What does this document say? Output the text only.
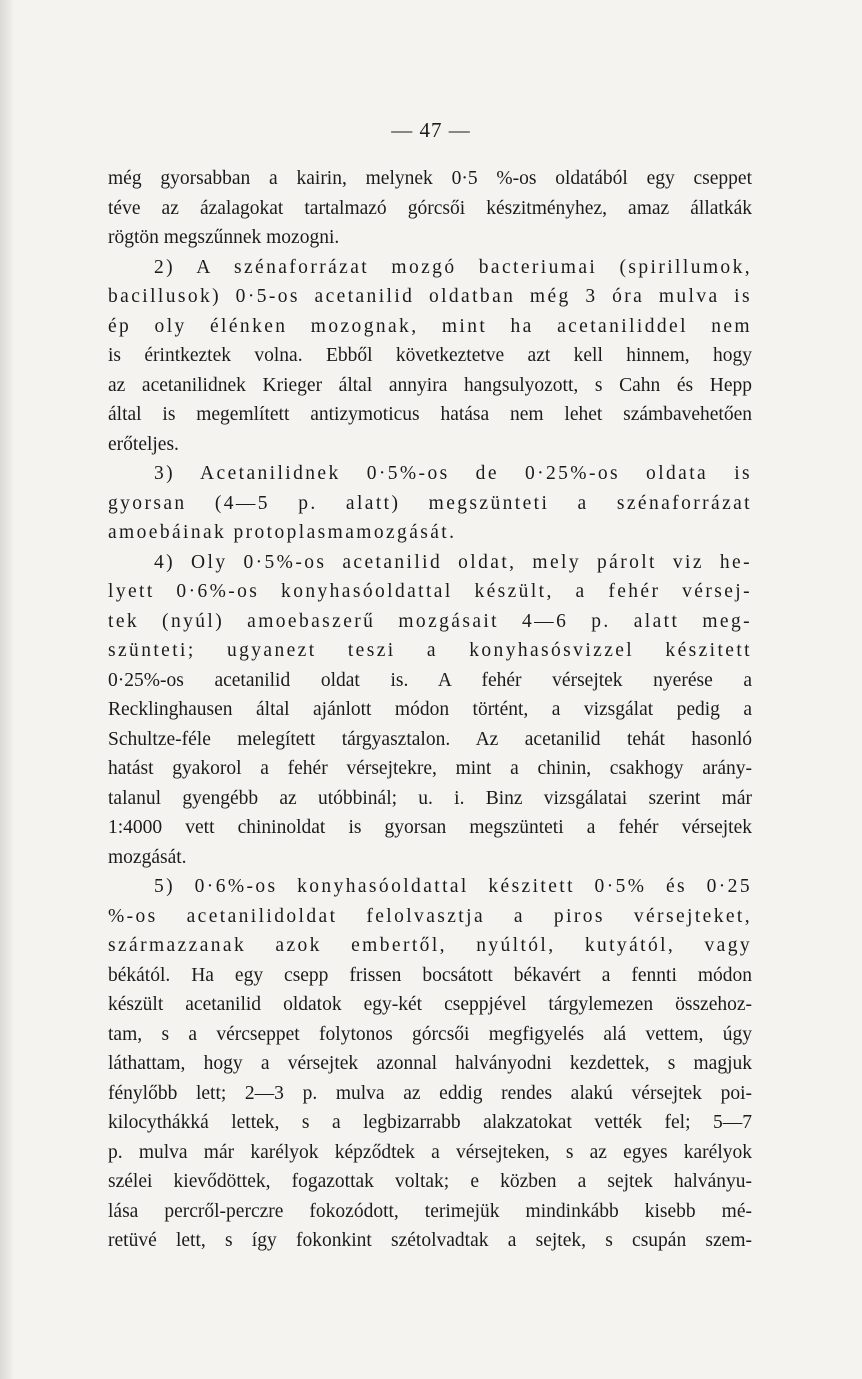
— 47 —
még gyorsabban a kairin, melynek 0·5 %-os oldatából egy cseppet
téve az ázalagokat tartalmazó górcsői készitményhez, amaz állatkák
rögtön megszűnnek mozogni.
2) A szénaforrázat mozgó bacteriumai (spirillumok,
bacillusok) 0·5-os acetanilid oldatban még 3 óra mulva is
ép oly élénken mozognak, mint ha acetaniliddel nem
is érintkeztek volna. Ebből következtetve azt kell hinnem, hogy
az acetanilidnek Krieger által annyira hangsulyozott, s Cahn és Hepp
által is megemlített antizymoticus hatása nem lehet számbavehetően
erőteljes.
3) Acetanilidnek 0·5%-os de 0·25%-os oldata is
gyorsan (4—5 p. alatt) megszünteti a szénaforrázat
amoebáinak protoplasmamozgását.
4) Oly 0·5%-os acetanilid oldat, mely párolt viz he-
lyett 0·6%-os konyhasóoldattal készült, a fehér vérsej-
tek (nyúl) amoebaszerű mozgásait 4—6 p. alatt meg-
szünteti; ugyanezt teszi a konyhasósvizzel készitett
0·25%-os acetanilid oldat is. A fehér vérsejtek nyerése a
Recklinghausen által ajánlott módon történt, a vizsgálat pedig a
Schultze-féle melegített tárgyasztalon. Az acetanilid tehát hasonló
hatást gyakorol a fehér vérsejtekre, mint a chinin, csakhogy arány-
talanul gyengébb az utóbbinál; u. i. Binz vizsgálatai szerint már
1:4000 vett chininoldat is gyorsan megszünteti a fehér vérsejtek
mozgását.
5) 0·6%-os konyhasóoldattal készitett 0·5% és 0·25
%-os acetanilidoldat felolvasztja a piros vérsejteket,
származzanak azok embertől, nyúltól, kutyától, vagy
békától. Ha egy csepp frissen bocsátott békavért a fennti módon
készült acetanilid oldatok egy-két cseppjével tárgylemezen összehoz-
tam, s a vércseppet folytonos górcsői megfigyelés alá vettem, úgy
láthattam, hogy a vérsejtek azonnal halványodni kezdettek, s magjuk
fénylőbb lett; 2—3 p. mulva az eddig rendes alakú vérsejtek poi-
kilocythákká lettek, s a legbizarrabb alakzatokat vették fel; 5—7
p. mulva már karélyok képződtek a vérsejteken, s az egyes karélyok
szélei kievődöttek, fogazottak voltak; e közben a sejtek halványu-
lása percről-perczre fokozódott, terimejük mindinkább kisebb mé-
retüvé lett, s így fokonkint szétolvadtak a sejtek, s csupán szem-
